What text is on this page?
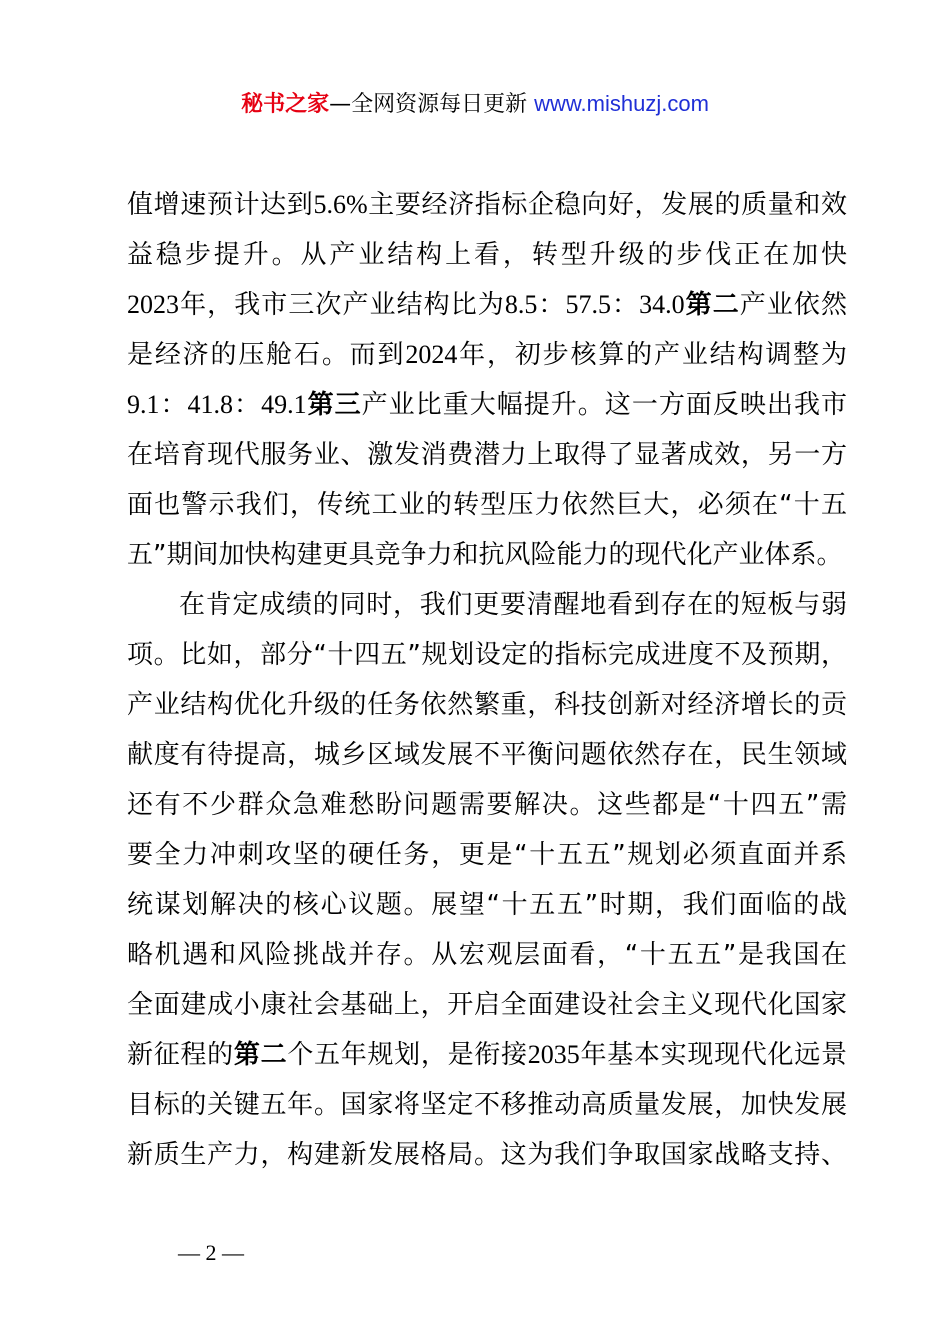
秘书之家—全网资源每日更新 www.mishuzj.com
值增速预计达到5.6%主要经济指标企稳向好，发展的质量和效
益稳步提升。从产业结构上看，转型升级的步伐正在加快
2023年，我市三次产业结构比为8.5：57.5：34.0第二产业依然
是经济的压舱石。而到2024年，初步核算的产业结构调整为
9.1：41.8：49.1第三产业比重大幅提升。这一方面反映出我市
在培育现代服务业、激发消费潜力上取得了显著成效，另一方
面也警示我们，传统工业的转型压力依然巨大，必须在“十五
五”期间加快构建更具竞争力和抗风险能力的现代化产业体系。
在肯定成绩的同时，我们更要清醒地看到存在的短板与弱
项。比如，部分“十四五”规划设定的指标完成进度不及预期，
产业结构优化升级的任务依然繁重，科技创新对经济增长的贡
献度有待提高，城乡区域发展不平衡问题依然存在，民生领域
还有不少群众急难愁盼问题需要解决。这些都是“十四五”需
要全力冲刺攻坚的硬任务，更是“十五五”规划必须直面并系
统谋划解决的核心议题。展望“十五五”时期，我们面临的战
略机遇和风险挑战并存。从宏观层面看，“十五五”是我国在
全面建成小康社会基础上，开启全面建设社会主义现代化国家
新征程的第二个五年规划，是衔接2035年基本实现现代化远景
目标的关键五年。国家将坚定不移推动高质量发展，加快发展
新质生产力，构建新发展格局。这为我们争取国家战略支持、
— 2 —
